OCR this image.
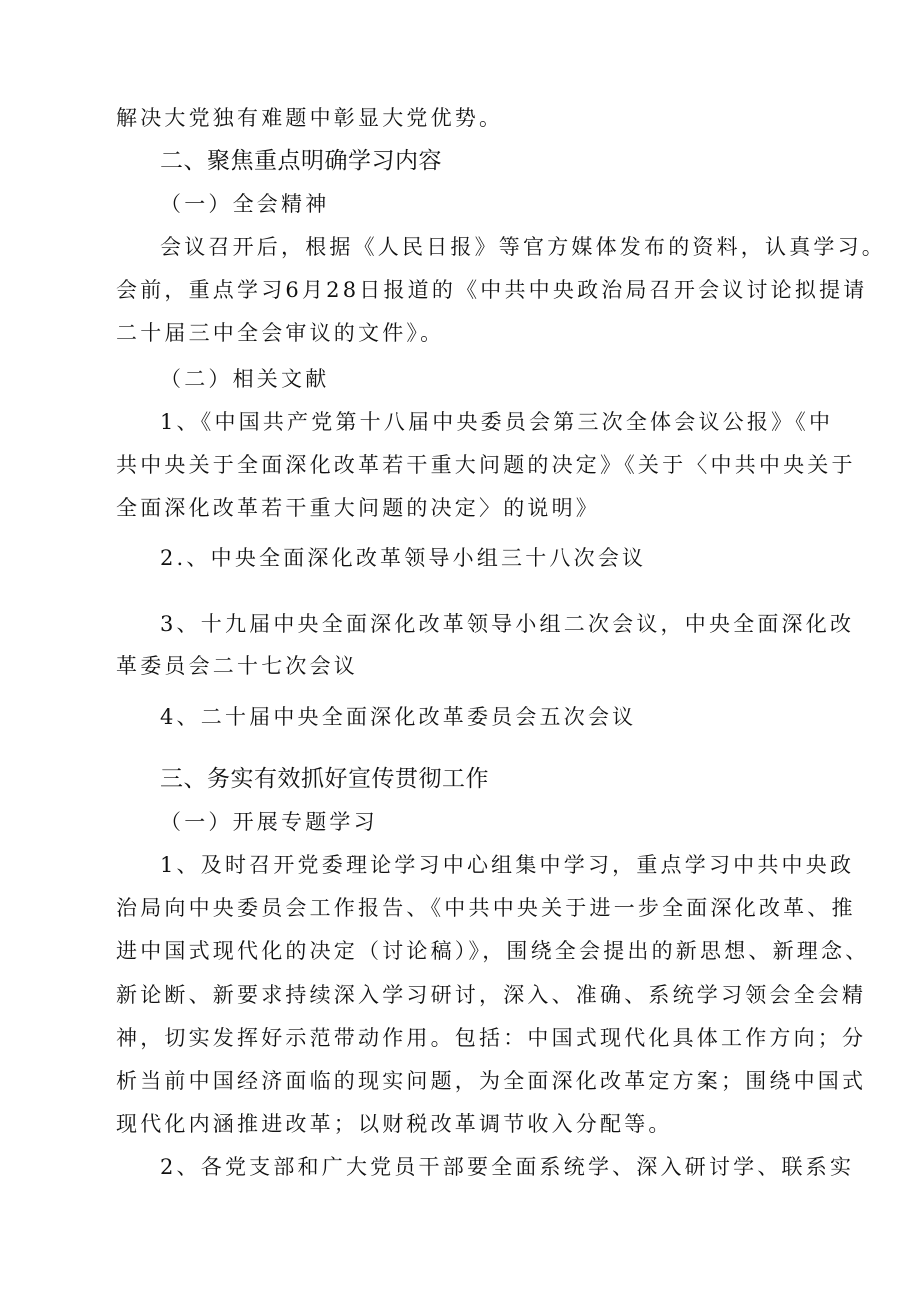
解决大党独有难题中彰显大党优势。
二、聚焦重点明确学习内容
（一）全会精神
会议召开后，根据《人民日报》等官方媒体发布的资料，认真学习。
会前，重点学习6月28日报道的《中共中央政治局召开会议讨论拟提请
二十届三中全会审议的文件》。
（二）相关文献
1、《中国共产党第十八届中央委员会第三次全体会议公报》《中
共中央关于全面深化改革若干重大问题的决定》《关于〈中共中央关于
全面深化改革若干重大问题的决定〉的说明》
2.、中央全面深化改革领导小组三十八次会议
3、十九届中央全面深化改革领导小组二次会议，中央全面深化改
革委员会二十七次会议
4、二十届中央全面深化改革委员会五次会议
三、务实有效抓好宣传贯彻工作
（一）开展专题学习
1、及时召开党委理论学习中心组集中学习，重点学习中共中央政
治局向中央委员会工作报告、《中共中央关于进一步全面深化改革、推
进中国式现代化的决定（讨论稿）》，围绕全会提出的新思想、新理念、
新论断、新要求持续深入学习研讨，深入、准确、系统学习领会全会精
神，切实发挥好示范带动作用。包括：中国式现代化具体工作方向；分
析当前中国经济面临的现实问题，为全面深化改革定方案；围绕中国式
现代化内涵推进改革；以财税改革调节收入分配等。
2、各党支部和广大党员干部要全面系统学、深入研讨学、联系实
